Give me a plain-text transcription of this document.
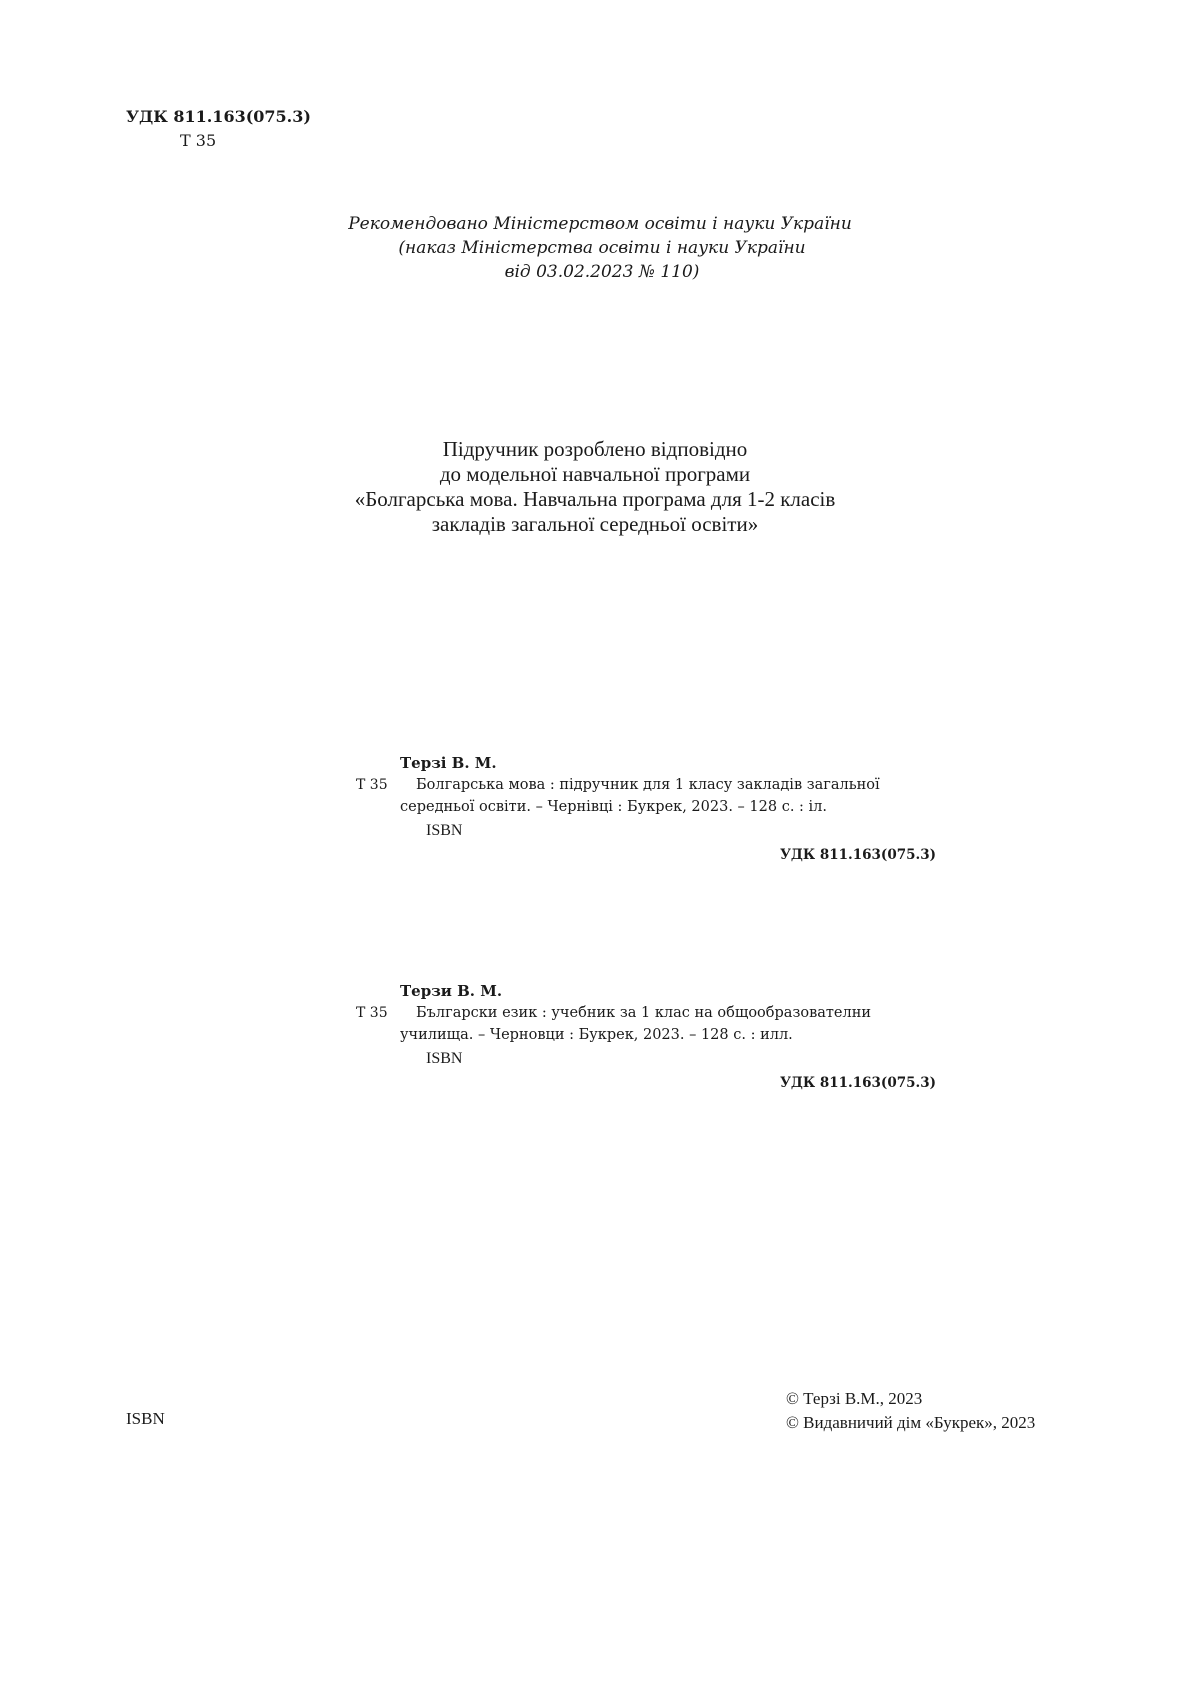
УДК 811.163(075.3)
Т 35
Рекомендовано Міністерством освіти і науки України
(наказ Міністерства освіти і науки України
від 03.02.2023 № 110)
Підручник розроблено відповідно
до модельної навчальної програми
«Болгарська мова. Навчальна програма для 1-2 класів
закладів загальної середньої освіти»
Терзі В. М.
Т 35	Болгарська мова : підручник для 1 класу закладів загальної
середньої освіти. – Чернівці : Букрек, 2023. – 128 с. : іл.
ISBN
УДК 811.163(075.3)
Терзи В. М.
Т 35	Български език : учебник за 1 клас на общообразователни
училища. – Черновци : Букрек, 2023. – 128 с. : илл.
ISBN
УДК 811.163(075.3)
ISBN
© Терзі В.М., 2023
© Видавничий дім «Букрек», 2023
